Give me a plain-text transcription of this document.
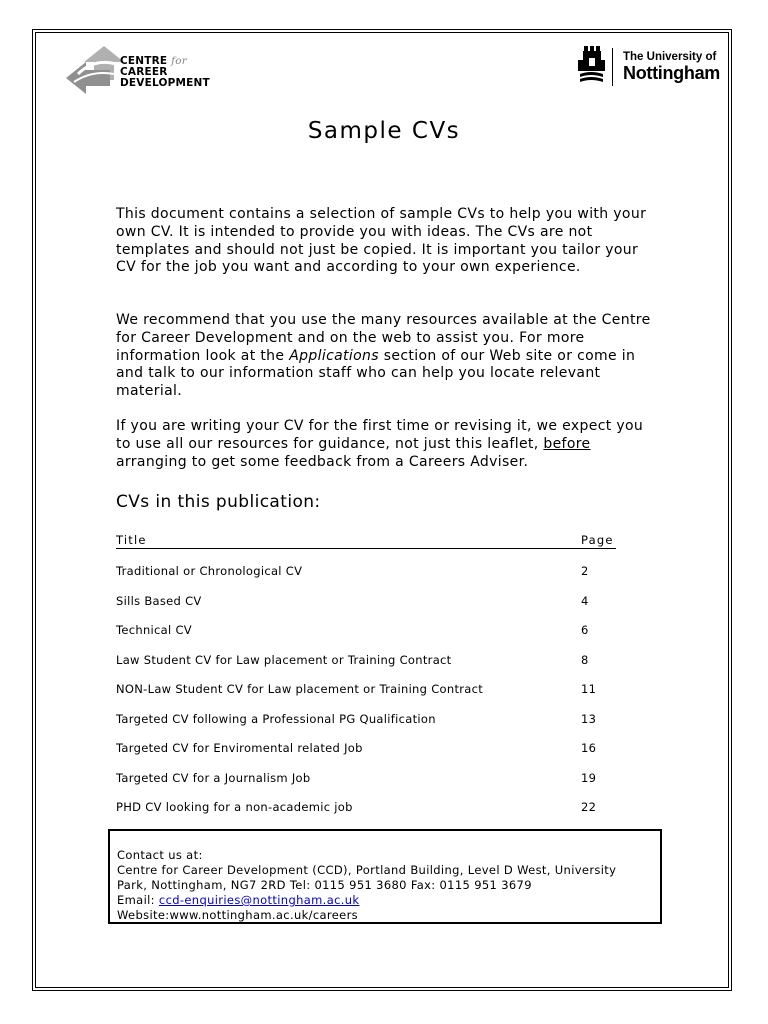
CENTRE for
CAREER
DEVELOPMENT
The University of
Nottingham
Sample CVs

This document contains a selection of sample CVs to help you with your own CV. It is intended to provide you with ideas. The CVs are not templates and should not just be copied. It is important you tailor your CV for the job you want and according to your own experience.

We recommend that you use the many resources available at the Centre for Career Development and on the web to assist you. For more information look at the Applications section of our Web site or come in and talk to our information staff who can help you locate relevant material.

If you are writing your CV for the first time or revising it, we expect you to use all our resources for guidance, not just this leaflet, before arranging to get some feedback from a Careers Adviser.

CVs in this publication:
Title	Page
Traditional or Chronological CV	2
Sills Based CV	4
Technical CV	6
Law Student CV for Law placement or Training Contract	8
NON-Law Student CV for Law placement or Training Contract	11
Targeted CV following a Professional PG Qualification	13
Targeted CV for Enviromental related Job	16
Targeted CV for a Journalism Job	19
PHD CV looking for a non-academic job	22
Contact us at:
Centre for Career Development (CCD), Portland Building, Level D West, University
Park, Nottingham, NG7 2RD Tel: 0115 951 3680 Fax: 0115 951 3679
Email: ccd-enquiries@nottingham.ac.uk
Website:www.nottingham.ac.uk/careers
